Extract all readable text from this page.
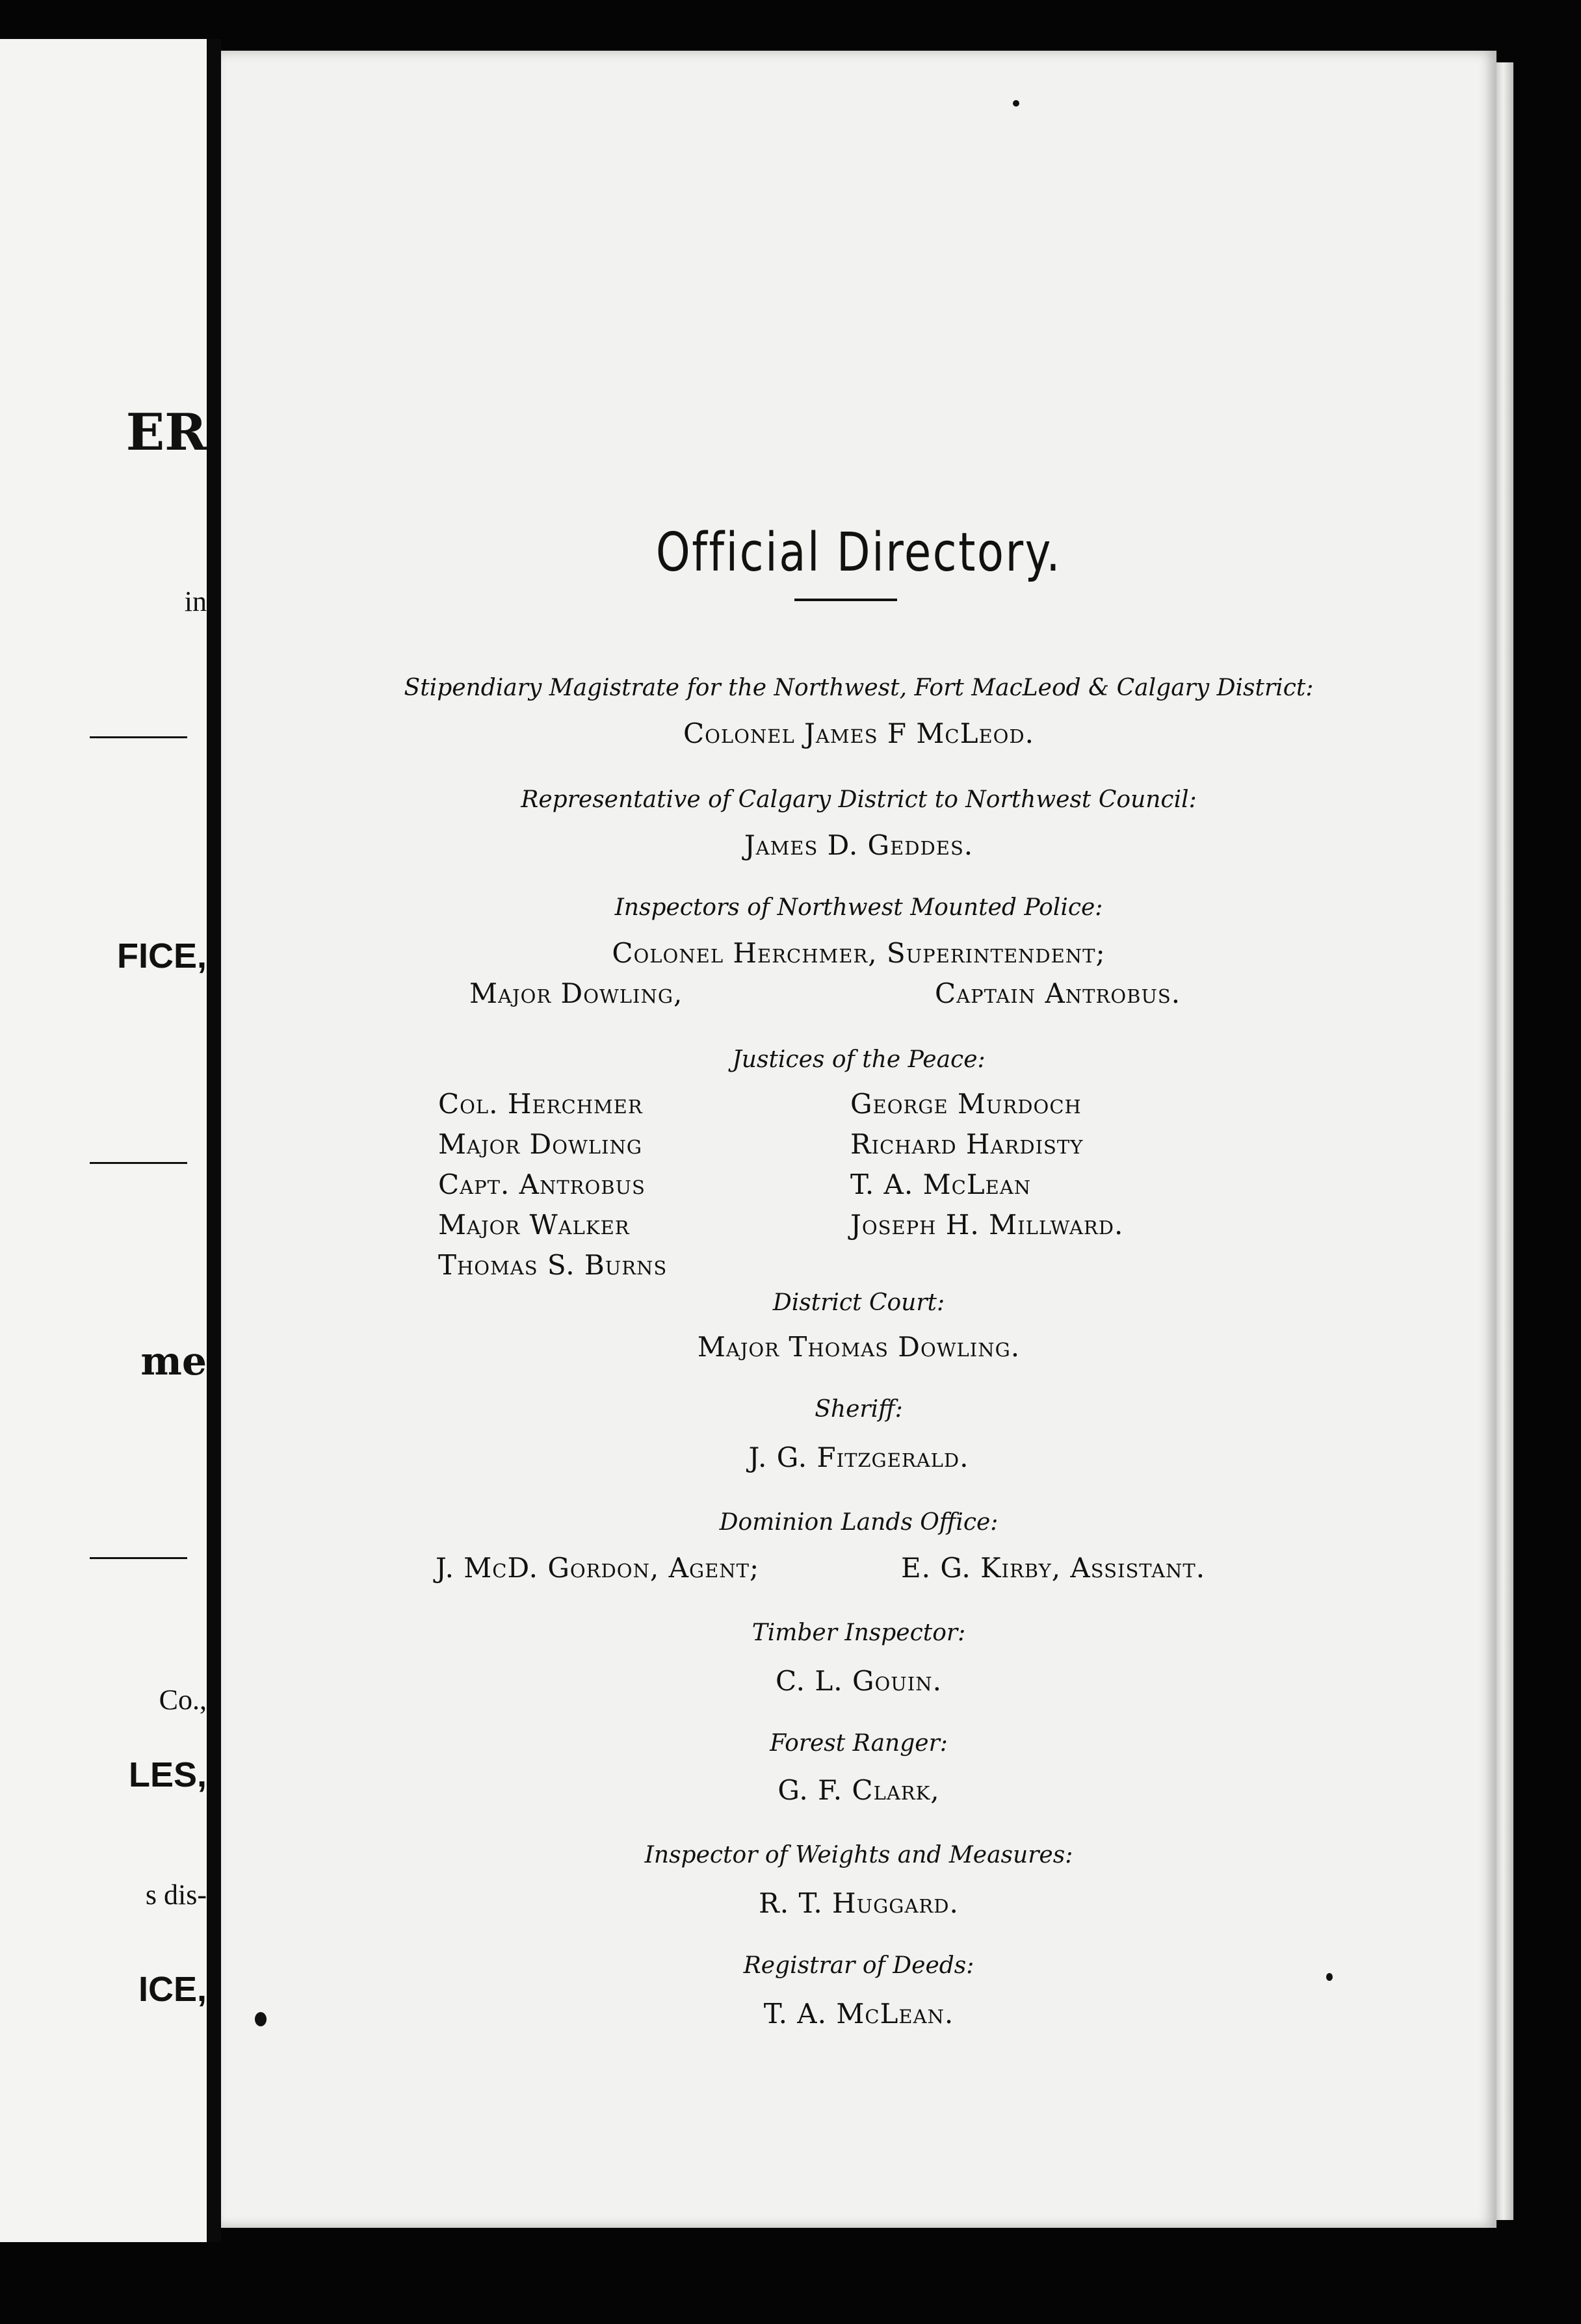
ER
in
FICE,
me
Co.,
LES,
s dis-
ICE,
Official Directory.
Stipendiary Magistrate for the Northwest, Fort MacLeod & Calgary District:
Colonel James F McLeod.
Representative of Calgary District to Northwest Council:
James D. Geddes.
Inspectors of Northwest Mounted Police:
Colonel Herchmer, Superintendent;
Major Dowling,	Captain Antrobus.
Justices of the Peace:
Col. Herchmer
Major Dowling
Capt. Antrobus
Major Walker
Thomas S. Burns
George Murdoch
Richard Hardisty
T. A. McLean
Joseph H. Millward.
District Court:
Major Thomas Dowling.
Sheriff:
J. G. Fitzgerald.
Dominion Lands Office:
J. McD. Gordon, Agent;	E. G. Kirby, Assistant.
Timber Inspector:
C. L. Gouin.
Forest Ranger:
G. F. Clark,
Inspector of Weights and Measures:
R. T. Huggard.
Registrar of Deeds:
T. A. McLean.
